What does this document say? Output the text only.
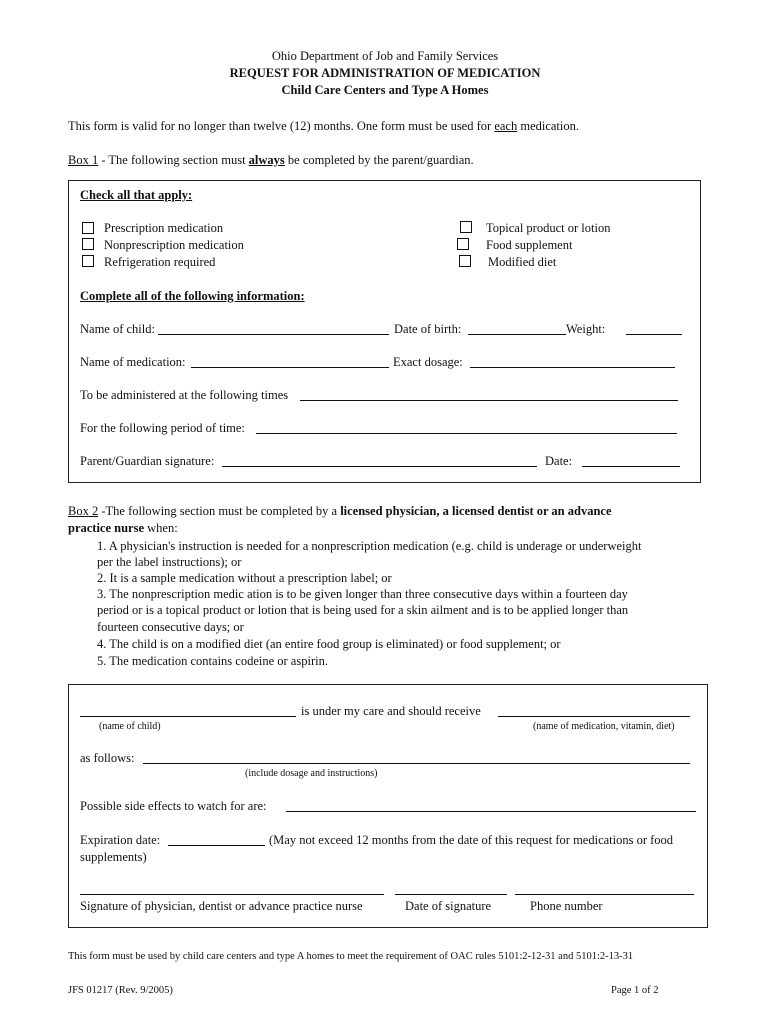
Ohio Department of Job and Family Services
REQUEST FOR ADMINISTRATION OF MEDICATION
Child Care Centers and Type A Homes
This form is valid for no longer than twelve (12) months. One form must be used for each medication.
Box 1 - The following section must always be completed by the parent/guardian.
Check all that apply:
Prescription medication
Nonprescription medication
Refrigeration required
Topical product or lotion
Food supplement
Modified diet
Complete all of the following information:
Name of child:	Date of birth:	Weight:
Name of medication:	Exact dosage:
To be administered at the following times
For the following period of time:
Parent/Guardian signature:	Date:
Box 2 -The following section must be completed by a licensed physician, a licensed dentist or an advance
practice nurse when:
1. A physician's instruction is needed for a nonprescription medication (e.g. child is underage or underweight
per the label instructions); or
2. It is a sample medication without a prescription label; or
3. The nonprescription medic ation is to be given longer than three consecutive days within a fourteen day
period or is a topical product or lotion that is being used for a skin ailment and is to be applied longer than
fourteen consecutive days; or
4. The child is on a modified diet (an entire food group is eliminated) or food supplement; or
5. The medication contains codeine or aspirin.
is under my care and should receive
(name of child)	(name of medication, vitamin, diet)
as follows:
(include dosage and instructions)
Possible side effects to watch for are:
Expiration date:	(May not exceed 12 months from the date of this request for medications or food
supplements)
Signature of physician, dentist or advance practice nurse	Date of signature	Phone number
This form must be used by child care centers and type A homes to meet the requirement of OAC rules 5101:2-12-31 and 5101:2-13-31
JFS 01217 (Rev. 9/2005)	Page 1 of 2
